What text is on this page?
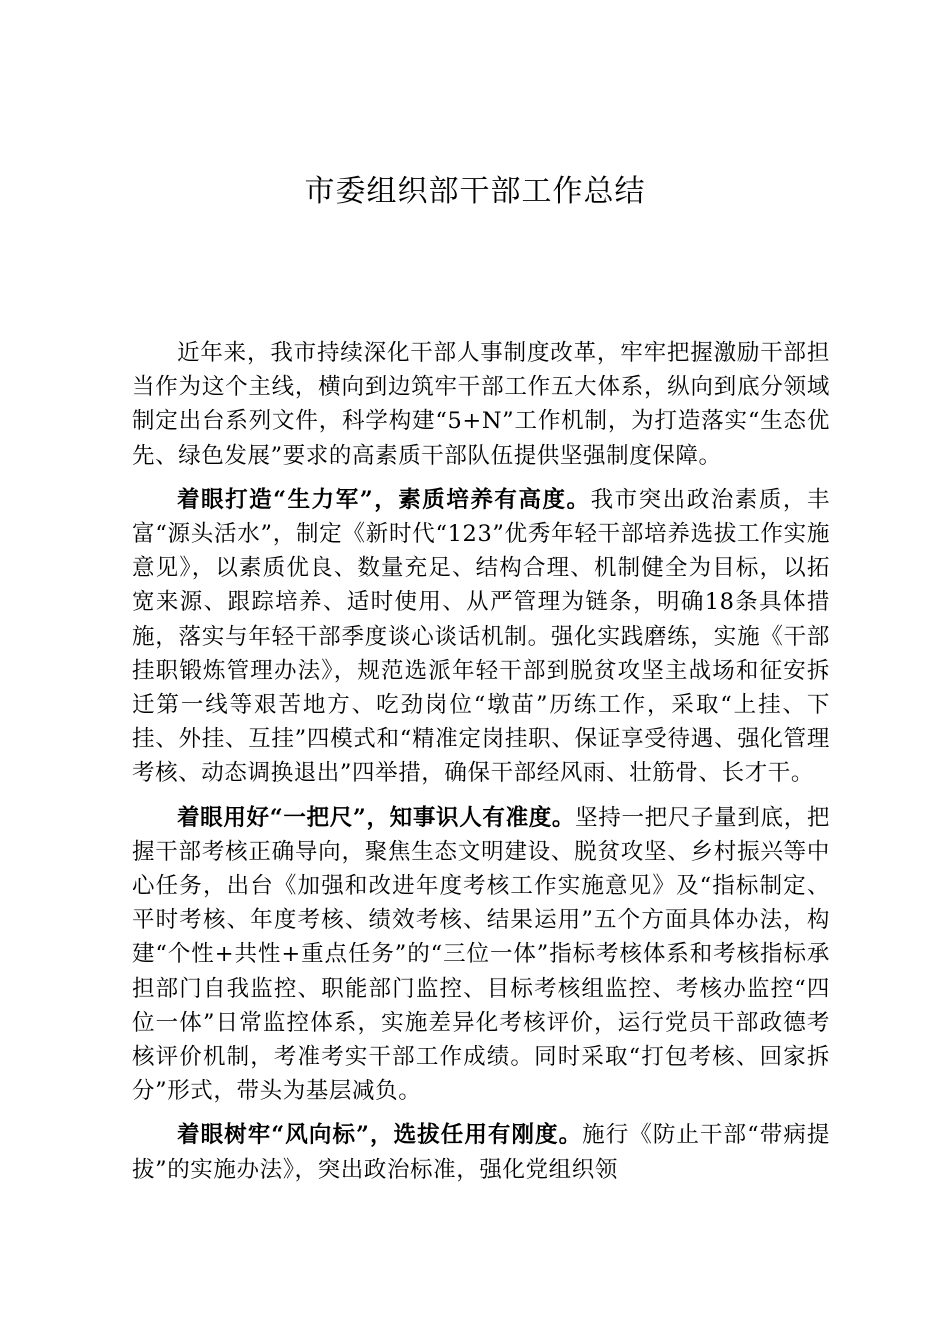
市委组织部干部工作总结

近年来，我市持续深化干部人事制度改革，牢牢把握激励干部担当作为这个主线，横向到边筑牢干部工作五大体系，纵向到底分领域制定出台系列文件，科学构建“5+N”工作机制，为打造落实“生态优先、绿色发展”要求的高素质干部队伍提供坚强制度保障。

着眼打造“生力军”，素质培养有高度。我市突出政治素质，丰富“源头活水”，制定《新时代“123”优秀年轻干部培养选拔工作实施意见》，以素质优良、数量充足、结构合理、机制健全为目标，以拓宽来源、跟踪培养、适时使用、从严管理为链条，明确18条具体措施，落实与年轻干部季度谈心谈话机制。强化实践磨练，实施《干部挂职锻炼管理办法》，规范选派年轻干部到脱贫攻坚主战场和征安拆迁第一线等艰苦地方、吃劲岗位“墩苗”历练工作，采取“上挂、下挂、外挂、互挂”四模式和“精准定岗挂职、保证享受待遇、强化管理考核、动态调换退出”四举措，确保干部经风雨、壮筋骨、长才干。

着眼用好“一把尺”，知事识人有准度。坚持一把尺子量到底，把握干部考核正确导向，聚焦生态文明建设、脱贫攻坚、乡村振兴等中心任务，出台《加强和改进年度考核工作实施意见》及“指标制定、平时考核、年度考核、绩效考核、结果运用”五个方面具体办法，构建“个性+共性+重点任务”的“三位一体”指标考核体系和考核指标承担部门自我监控、职能部门监控、目标考核组监控、考核办监控“四位一体”日常监控体系，实施差异化考核评价，运行党员干部政德考核评价机制，考准考实干部工作成绩。同时采取“打包考核、回家拆分”形式，带头为基层减负。

着眼树牢“风向标”，选拔任用有刚度。施行《防止干部“带病提拔”的实施办法》，突出政治标准，强化党组织领
